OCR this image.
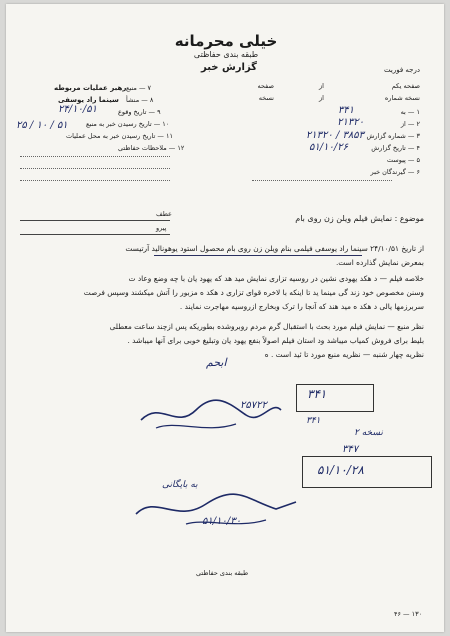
خیلی محرمانه
طبقه بندی حفاظتی
گزارش خبر	درجه فوریت
رهبر عملیات مربوطه
سینما راد یوسفی
۷ — منبع
۸ — منشأ
۹ — تاریخ وقوع
۱۰ — تاریخ رسیدن خبر به منبع
۱۱ — تاریخ رسیدن خبر به محل عملیات
۱۲ — ملاحظات حفاظتی
۲۴/۱۰/۵۱
۲۵ / ۱۰ / ۵۱
صفحه یکم
از
صفحه
نسخه شماره
از
نسخه
۱ — به
۳۴۱
۲ — از
۲۱۳۲۰
۳ — شماره گزارش
۲۱۳۲۰ / ۳۸۵۳
۴ — تاریخ گزارش
۵۱/۱۰/۲۶
۵ — پیوست
۶ — گیرندگان خبر
عطف
پیرو
موضوع : نمایش فیلم ویلن زن روی بام
از تاریخ ۲۴/۱۰/۵۱ سینما راد یوسفی فیلمی بنام ویلن زن روی بام محصول استود یوهونالید آرتیست
بمعرض نمایش گذارده است.
خلاصه فیلم — د هکد یهودی نشین در روسیه تزاری نمایش مید هد که یهود یان با چه وضع وعاد ت
وسنن مخصوص خود زند گی مینما ید تا اینکه با لاخره قوای تزاری د هکد ه مزبور را آتش میکشند وسپس فرصت
سربرزمها یالی د هکد ه مید هند که آنجا را ترک وبخارج ازروسیه مهاجرت نمایند .
نظر منبع — نمایش فیلم مورد بحث با استقبال گرم مردم روبروشده بطوریکه پس ازچند ساعت معطلی
بلیط برای فروش کمیاب میباشد ود استان فیلم اصولاً بنفع یهود یان وتبلیغ خوبی برای آنها میباشد .
نظریه چهار شنبه — نظریه منبع مورد تا ئید است . ه
ابحم
۳۴۱
۳۴۱
۲۵۷۲۲
نسخه ۲
۳۴۷
۵۱/۱۰/۲۸
به بایگانی
۵۱/۱۰/۳۰
طبقه بندی حفاظتی
۴۶ — ۱۳۰
